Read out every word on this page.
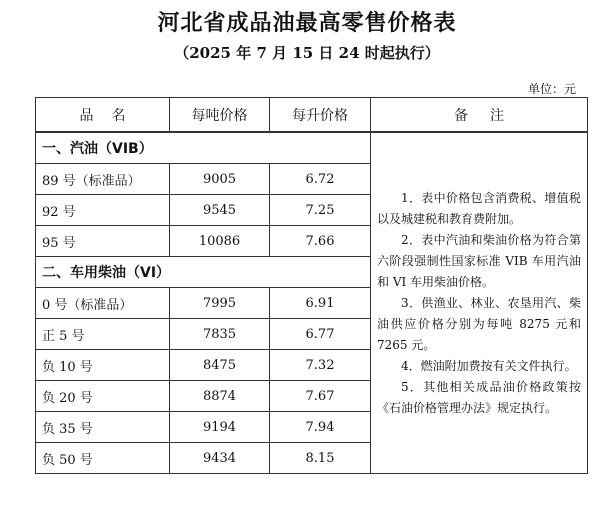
河北省成品油最高零售价格表
（2025 年 7 月 15 日 24 时起执行）
单位：元
品名	每吨价格	每升价格	备注
一、汽油（VIB）			1．表中价格包含消费税、增值税以及城建税和教育费附加。

2．表中汽油和柴油价格为符合第六阶段强制性国家标准 VIB 车用汽油和 VI 车用柴油价格。

3．供渔业、林业、农垦用汽、柴油供应价格分别为每吨 8275 元和 7265 元。

4．燃油附加费按有关文件执行。

5．其他相关成品油价格政策按《石油价格管理办法》规定执行。

89 号（标准品）	9005	6.72	
92 号	9545	7.25	
95 号	10086	7.66	
二、车用柴油（VI）			
0 号（标准品）	7995	6.91	
正 5 号	7835	6.77	
负 10 号	8475	7.32	
负 20 号	8874	7.67	
负 35 号	9194	7.94	
负 50 号	9434	8.15	
